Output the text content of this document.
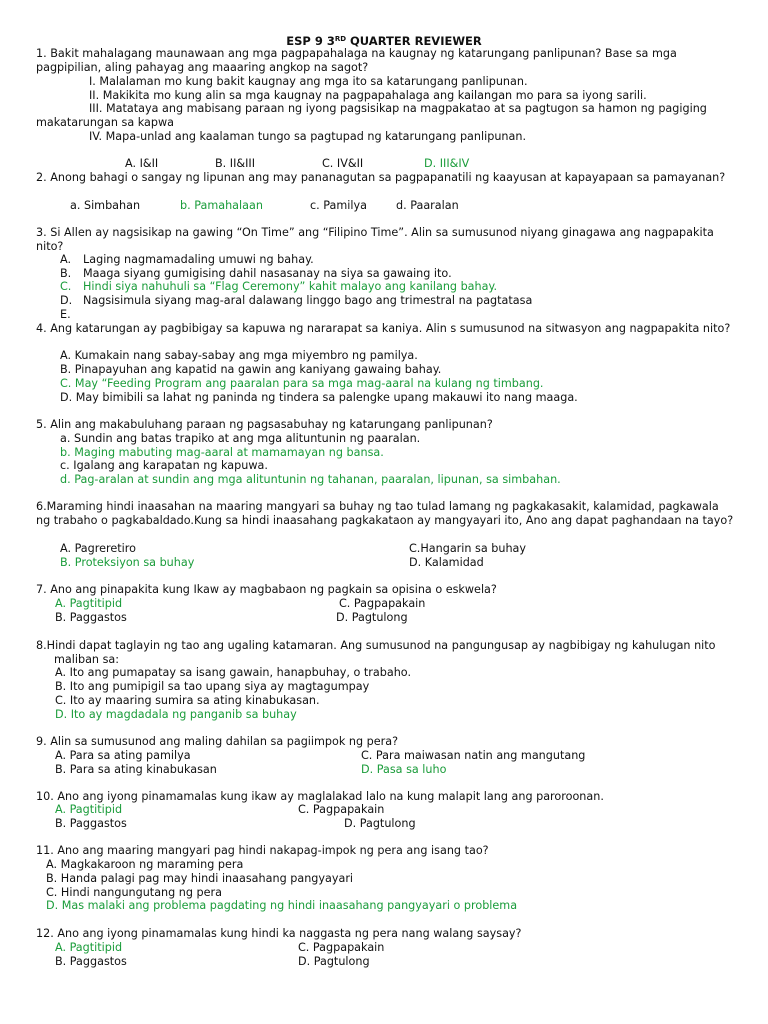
ESP 9 3RD QUARTER REVIEWER
1. Bakit mahalagang maunawaan ang mga pagpapahalaga na kaugnay ng katarungang panlipunan? Base sa mga pagpipilian, aling pahayag ang maaaring angkop na sagot?
I. Malalaman mo kung bakit kaugnay ang mga ito sa katarungang panlipunan.
II. Makikita mo kung alin sa mga kaugnay na pagpapahalaga ang kailangan mo para sa iyong sarili.
III. Matataya ang mabisang paraan ng iyong pagsisikap na magpakatao at sa pagtugon sa hamon ng pagiging makatarungan sa kapwa
IV. Mapa-unlad ang kaalaman tungo sa pagtupad ng katarungang panlipunan.
A. I&II	B. II&III	C. IV&II	D. III&IV
2. Anong bahagi o sangay ng lipunan ang may pananagutan sa pagpapanatili ng kaayusan at kapayapaan sa pamayanan?
a. Simbahan	b. Pamahalaan	c. Pamilya	d. Paaralan
3. Si Allen ay nagsisikap na gawing “On Time” ang “Filipino Time”. Alin sa sumusunod niyang ginagawa ang nagpapakita nito?
A. Laging nagmamadaling umuwi ng bahay.
B. Maaga siyang gumigising dahil nasasanay na siya sa gawaing ito.
C. Hindi siya nahuhuli sa “Flag Ceremony” kahit malayo ang kanilang bahay.
D. Nagsisimula siyang mag-aral dalawang linggo bago ang trimestral na pagtatasa
E.
4. Ang katarungan ay pagbibigay sa kapuwa ng nararapat sa kaniya. Alin s sumusunod na sitwasyon ang nagpapakita nito?
A. Kumakain nang sabay-sabay ang mga miyembro ng pamilya.
B. Pinapayuhan ang kapatid na gawin ang kaniyang gawaing bahay.
C. May “Feeding Program ang paaralan para sa mga mag-aaral na kulang ng timbang.
D. May bimibili sa lahat ng paninda ng tindera sa palengke upang makauwi ito nang maaga.
5. Alin ang makabuluhang paraan ng pagsasabuhay ng katarungang panlipunan?
a. Sundin ang batas trapiko at ang mga alituntunin ng paaralan.
b. Maging mabuting mag-aaral at mamamayan ng bansa.
c. Igalang ang karapatan ng kapuwa.
d. Pag-aralan at sundin ang mga alituntunin ng tahanan, paaralan, lipunan, sa simbahan.
6.Maraming hindi inaasahan na maaring mangyari sa buhay ng tao tulad lamang ng pagkakasakit, kalamidad, pagkawala ng trabaho o pagkabaldado.Kung sa hindi inaasahang pagkakataon ay mangyayari ito, Ano ang dapat paghandaan na tayo?
A. Pagreretiro	C.Hangarin sa buhay
B. Proteksiyon sa buhay	D. Kalamidad
7. Ano ang pinapakita kung Ikaw ay magbabaon ng pagkain sa opisina o eskwela?
A. Pagtitipid	C. Pagpapakain
B. Paggastos	D. Pagtulong
8.Hindi dapat taglayin ng tao ang ugaling katamaran. Ang sumusunod na pangungusap ay nagbibigay ng kahulugan nito maliban sa:
A. Ito ang pumapatay sa isang gawain, hanapbuhay, o trabaho.
B. Ito ang pumipigil sa tao upang siya ay magtagumpay
C. Ito ay maaring sumira sa ating kinabukasan.
D. Ito ay magdadala ng panganib sa buhay
9. Alin sa sumusunod ang maling dahilan sa pagiimpok ng pera?
A. Para sa ating pamilya	C. Para maiwasan natin ang mangutang
B. Para sa ating kinabukasan	D. Pasa sa luho
10. Ano ang iyong pinamamalas kung ikaw ay maglalakad lalo na kung malapit lang ang paroroonan.
A. Pagtitipid	C. Pagpapakain
B. Paggastos	D. Pagtulong
11. Ano ang maaring mangyari pag hindi nakapag-impok ng pera ang isang tao?
A. Magkakaroon ng maraming pera
B. Handa palagi pag may hindi inaasahang pangyayari
C. Hindi nangungutang ng pera
D. Mas malaki ang problema pagdating ng hindi inaasahang pangyayari o problema
12. Ano ang iyong pinamamalas kung hindi ka naggasta ng pera nang walang saysay?
A. Pagtitipid	C. Pagpapakain
B. Paggastos	D. Pagtulong
